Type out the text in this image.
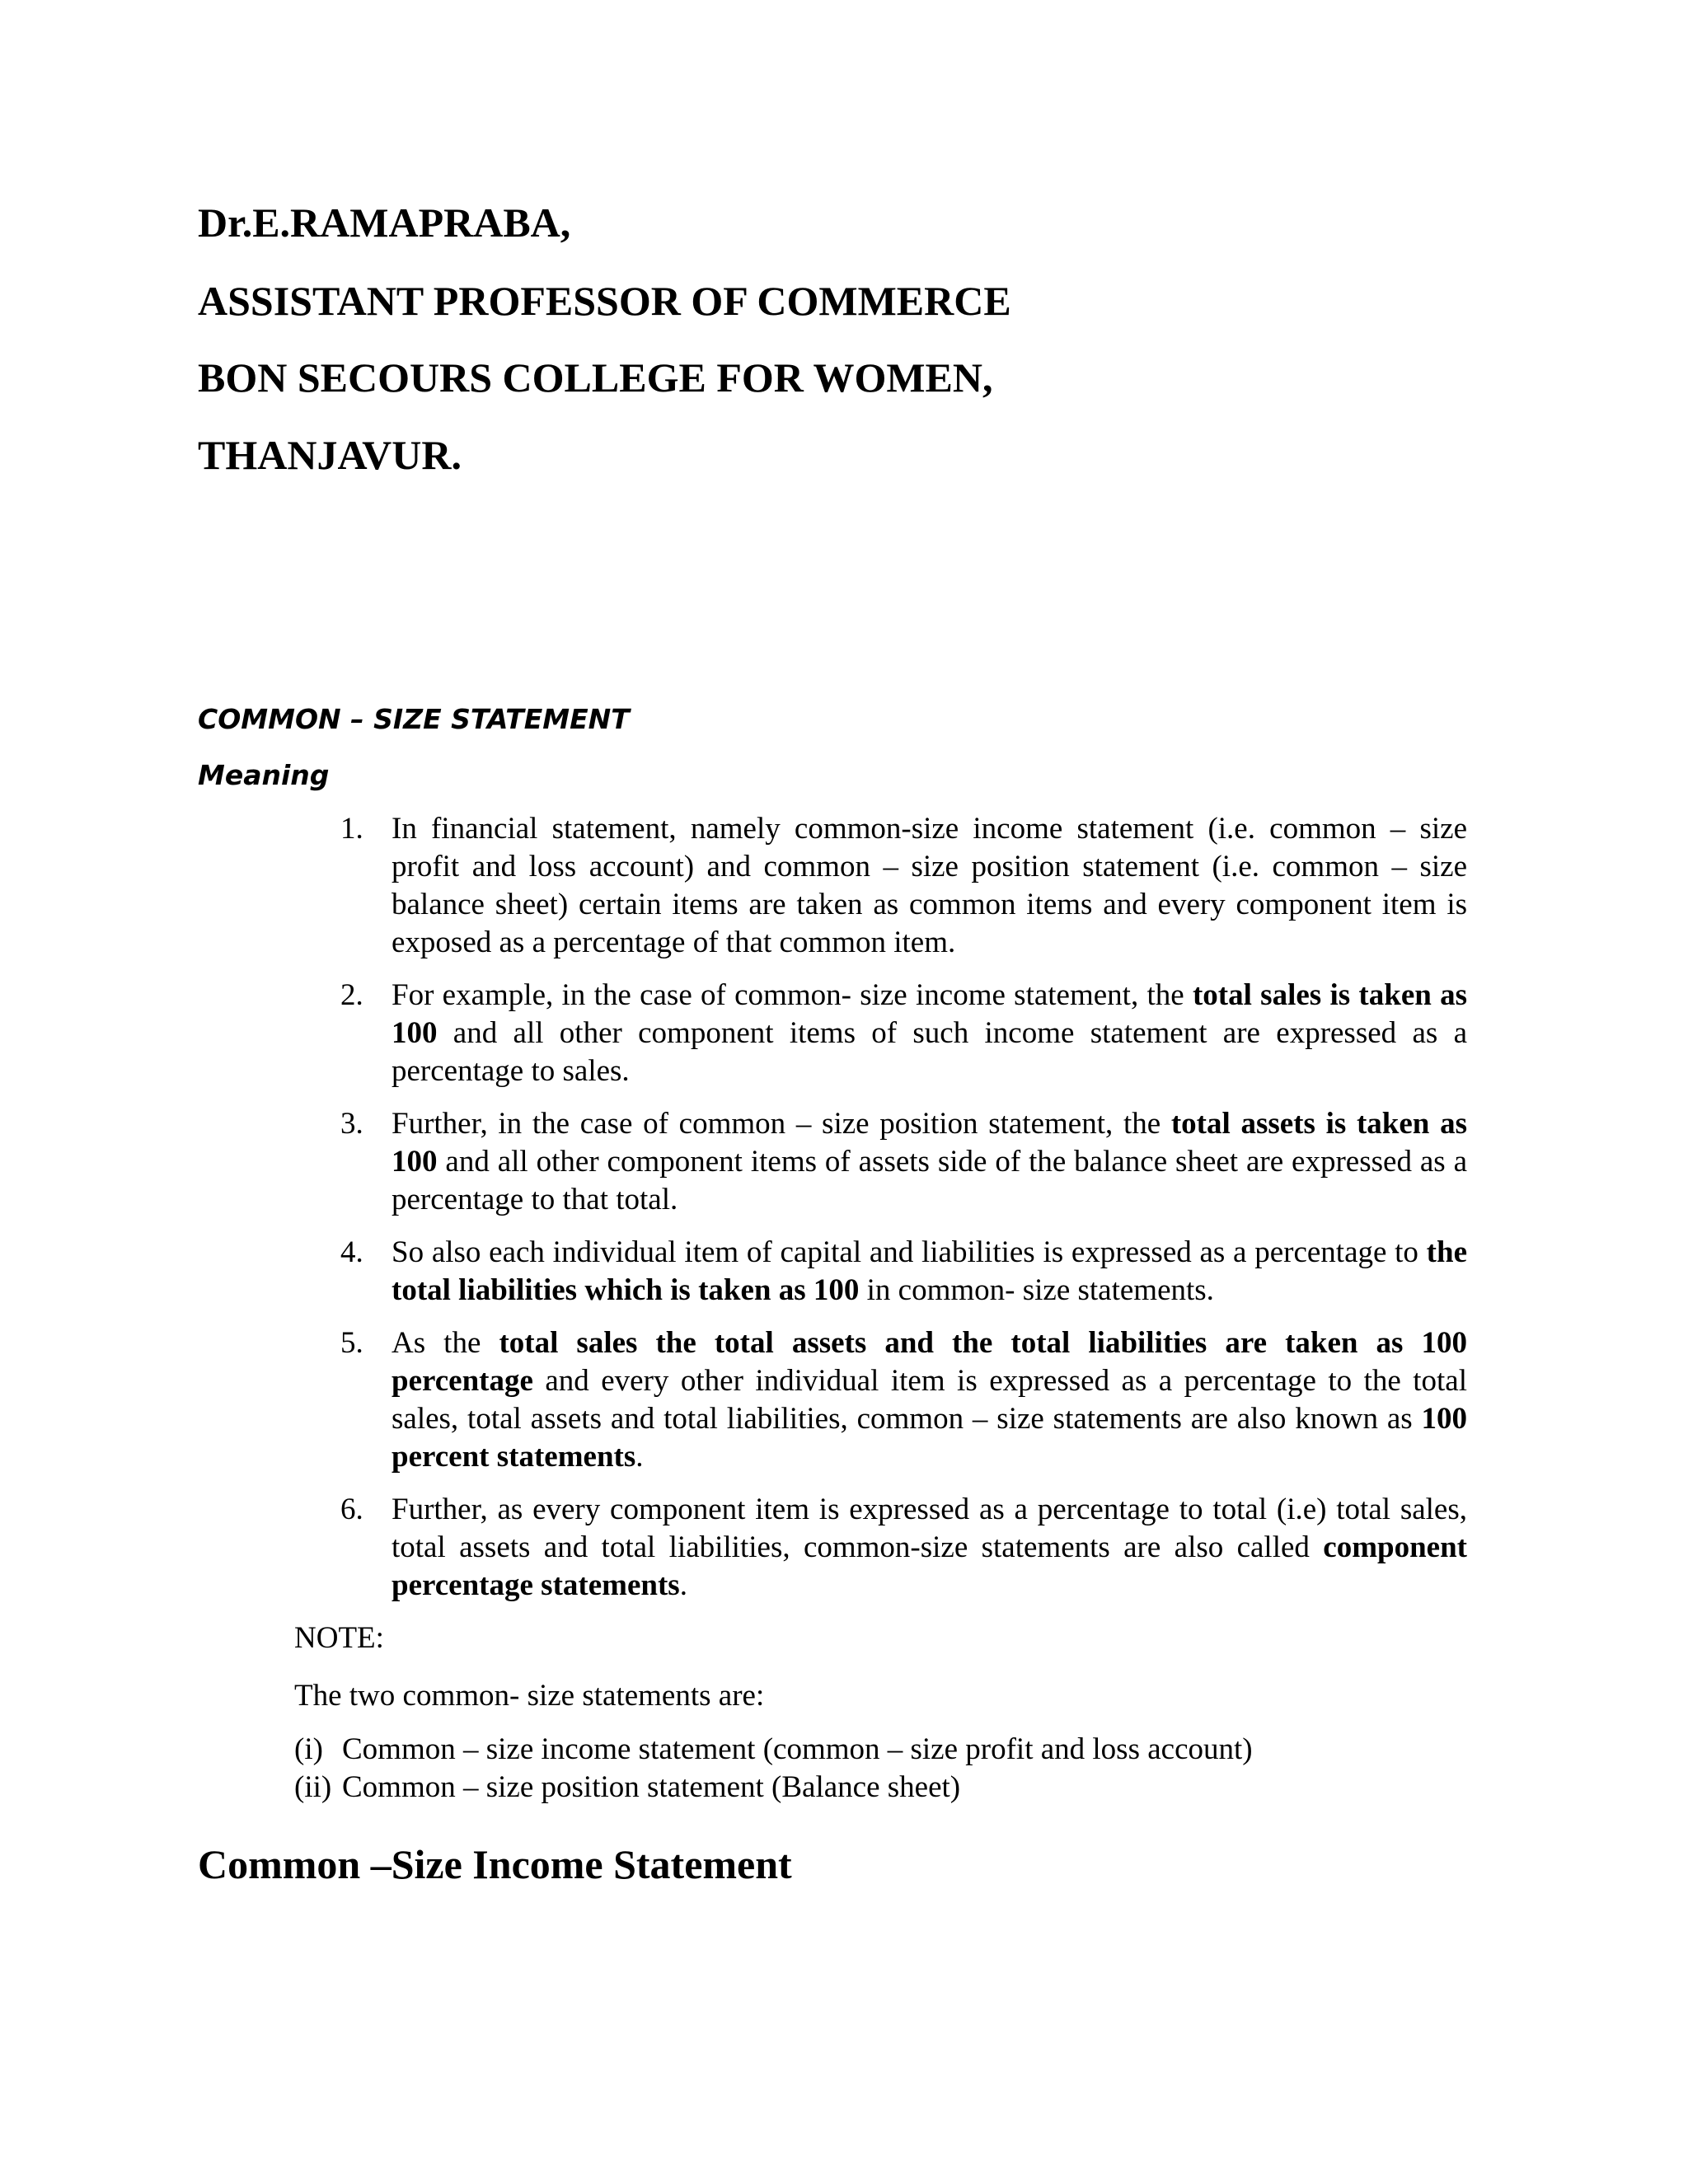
Dr.E.RAMAPRABA,
ASSISTANT PROFESSOR OF COMMERCE
BON SECOURS COLLEGE FOR WOMEN,
THANJAVUR.
COMMON – SIZE STATEMENT
Meaning
1. In financial statement, namely common-size income statement (i.e. common – size profit and loss account) and common – size position statement (i.e. common – size balance sheet) certain items are taken as common items and every component item is exposed as a percentage of that common item.
2. For example, in the case of common- size income statement, the total sales is taken as 100 and all other component items of such income statement are expressed as a percentage to sales.
3. Further, in the case of common – size position statement, the total assets is taken as 100 and all other component items of assets side of the balance sheet are expressed as a percentage to that total.
4. So also each individual item of capital and liabilities is expressed as a percentage to the total liabilities which is taken as 100 in common- size statements.
5. As the total sales the total assets and the total liabilities are taken as 100 percentage and every other individual item is expressed as a percentage to the total sales, total assets and total liabilities, common – size statements are also known as 100 percent statements.
6. Further, as every component item is expressed as a percentage to total (i.e) total sales, total assets and total liabilities, common-size statements are also called component percentage statements.
NOTE:
The two common- size statements are:
(i) Common – size income statement (common – size profit and loss account)
(ii) Common – size position statement (Balance sheet)
Common –Size Income Statement
